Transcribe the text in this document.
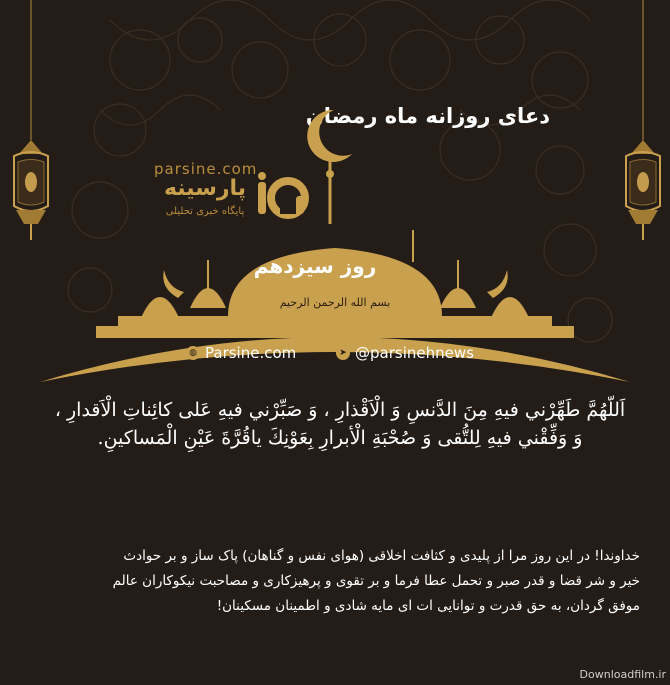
دعای روزانه ماه رمضان
parsine.com
پارسینه
پایگاه خبری تحلیلی
روز سیزدهم
بسم الله الرحمن الرحیم
◍ Parsine.com	➤ @parsinehnews
اَللّهُمَّ طَهِّرْني فيهِ مِنَ الدَّنسِ وَ الْاَقْذارِ ، وَ صَبِّرْني فيهِ عَلى كائِناتِ الْاَقدارِ ،
وَ وَفِّقْني فيهِ لِلتُّقى وَ صُحْبَةِ الْأبرارِ بِعَوْنِكَ ياقُرَّةَ عَيْنِ الْمَساكينِ.
خداوندا! در این روز مرا از پلیدی و کثافت اخلاقی (هوای نفس و گناهان) پاک ساز و بر حوادث
خیر و شر قضا و قدر صبر و تحمل عطا فرما و بر تقوی و پرهیزکاری و مصاحبت نیکوکاران عالم
موفق گردان، به حق قدرت و توانایی ات ای مایه شادی و اطمینان مسکینان!
Downloadfilm.ir
